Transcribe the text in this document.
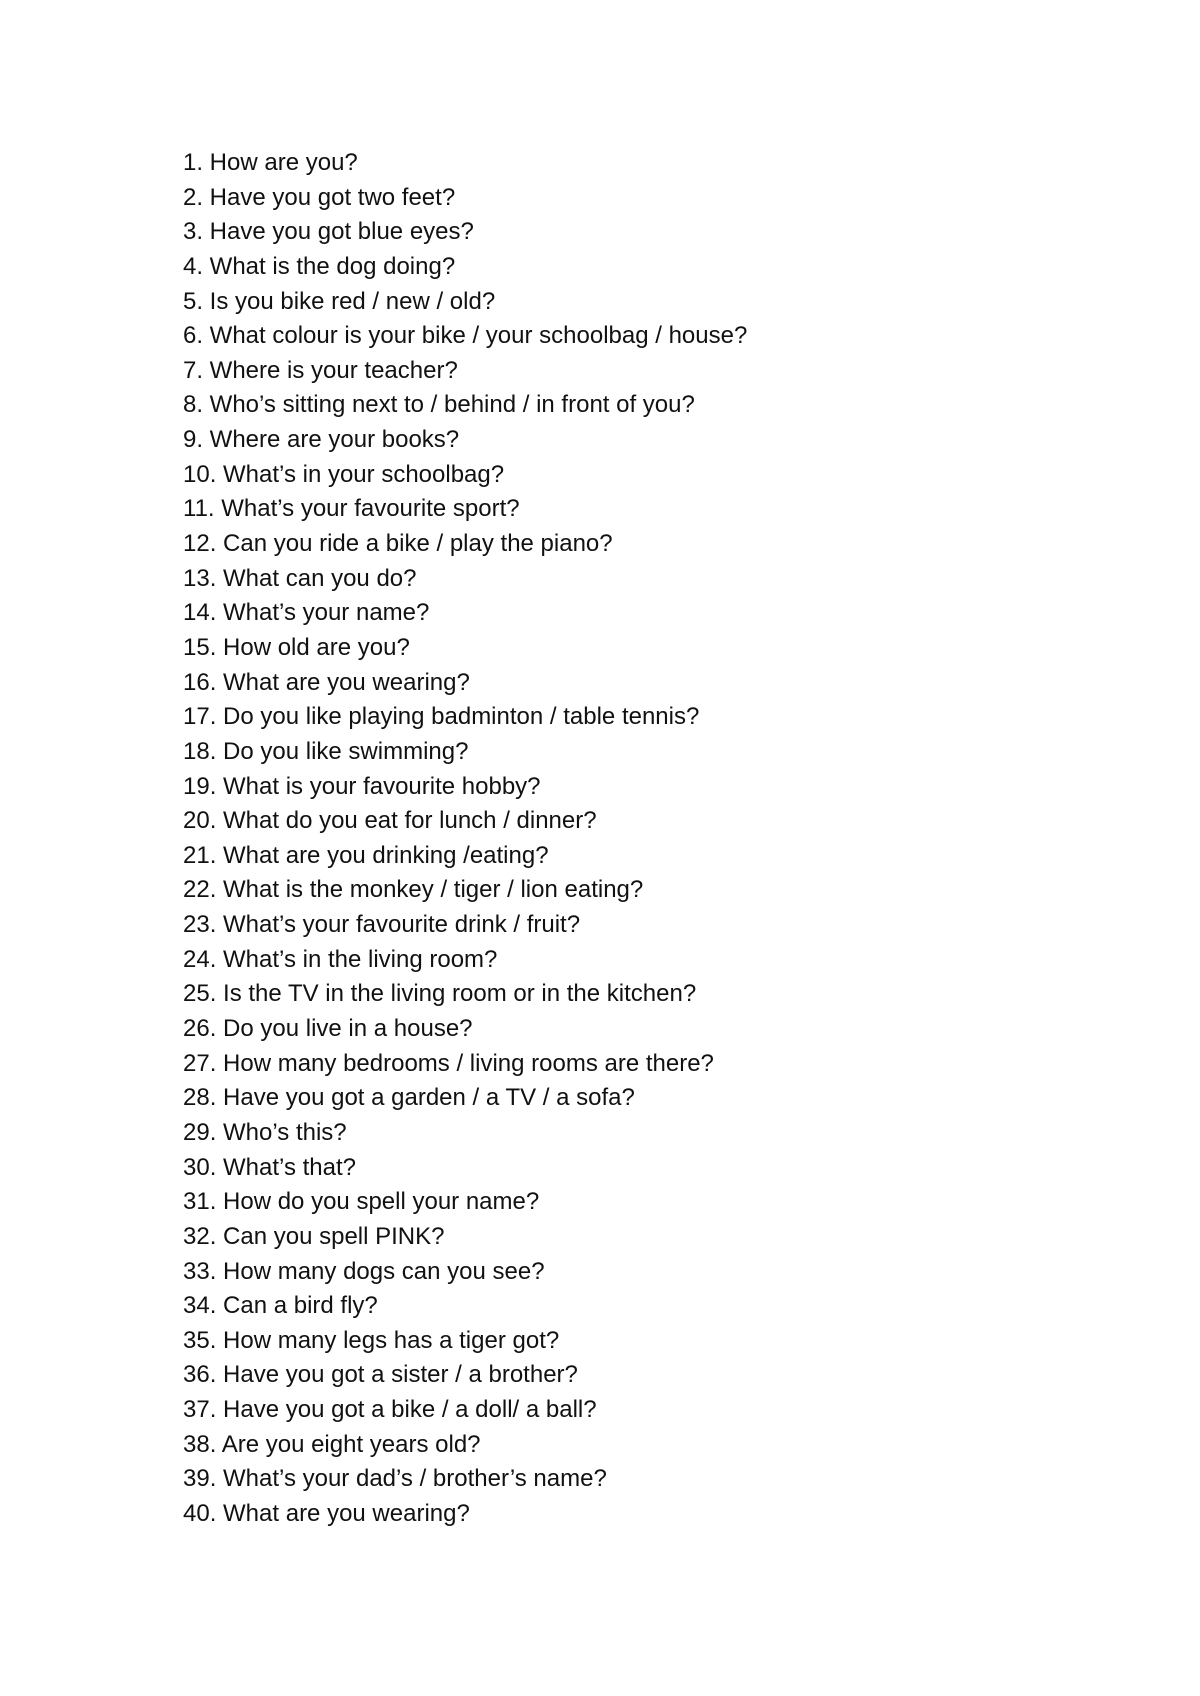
1. How are you?
2. Have you got two feet?
3. Have you got blue eyes?
4. What is the dog doing?
5. Is you bike red / new / old?
6. What colour is your bike / your schoolbag / house?
7. Where is your teacher?
8. Who’s sitting next to / behind / in front of you?
9. Where are your books?
10. What’s in your schoolbag?
11. What’s your favourite sport?
12. Can you ride a bike / play the piano?
13. What can you do?
14. What’s your name?
15. How old are you?
16. What are you wearing?
17. Do you like playing badminton / table tennis?
18. Do you like swimming?
19. What is your favourite hobby?
20. What do you eat for lunch / dinner?
21. What are you drinking /eating?
22. What is the monkey / tiger / lion eating?
23. What’s your favourite drink / fruit?
24. What’s in the living room?
25. Is the TV in the living room or in the kitchen?
26. Do you live in a house?
27. How many bedrooms / living rooms are there?
28. Have you got a garden / a TV / a sofa?
29. Who’s this?
30. What’s that?
31. How do you spell your name?
32. Can you spell PINK?
33. How many dogs can you see?
34. Can a bird fly?
35. How many legs has a tiger got?
36. Have you got a sister / a brother?
37. Have you got a bike / a doll/ a ball?
38. Are you eight years old?
39. What’s your dad’s / brother’s name?
40. What are you wearing?
